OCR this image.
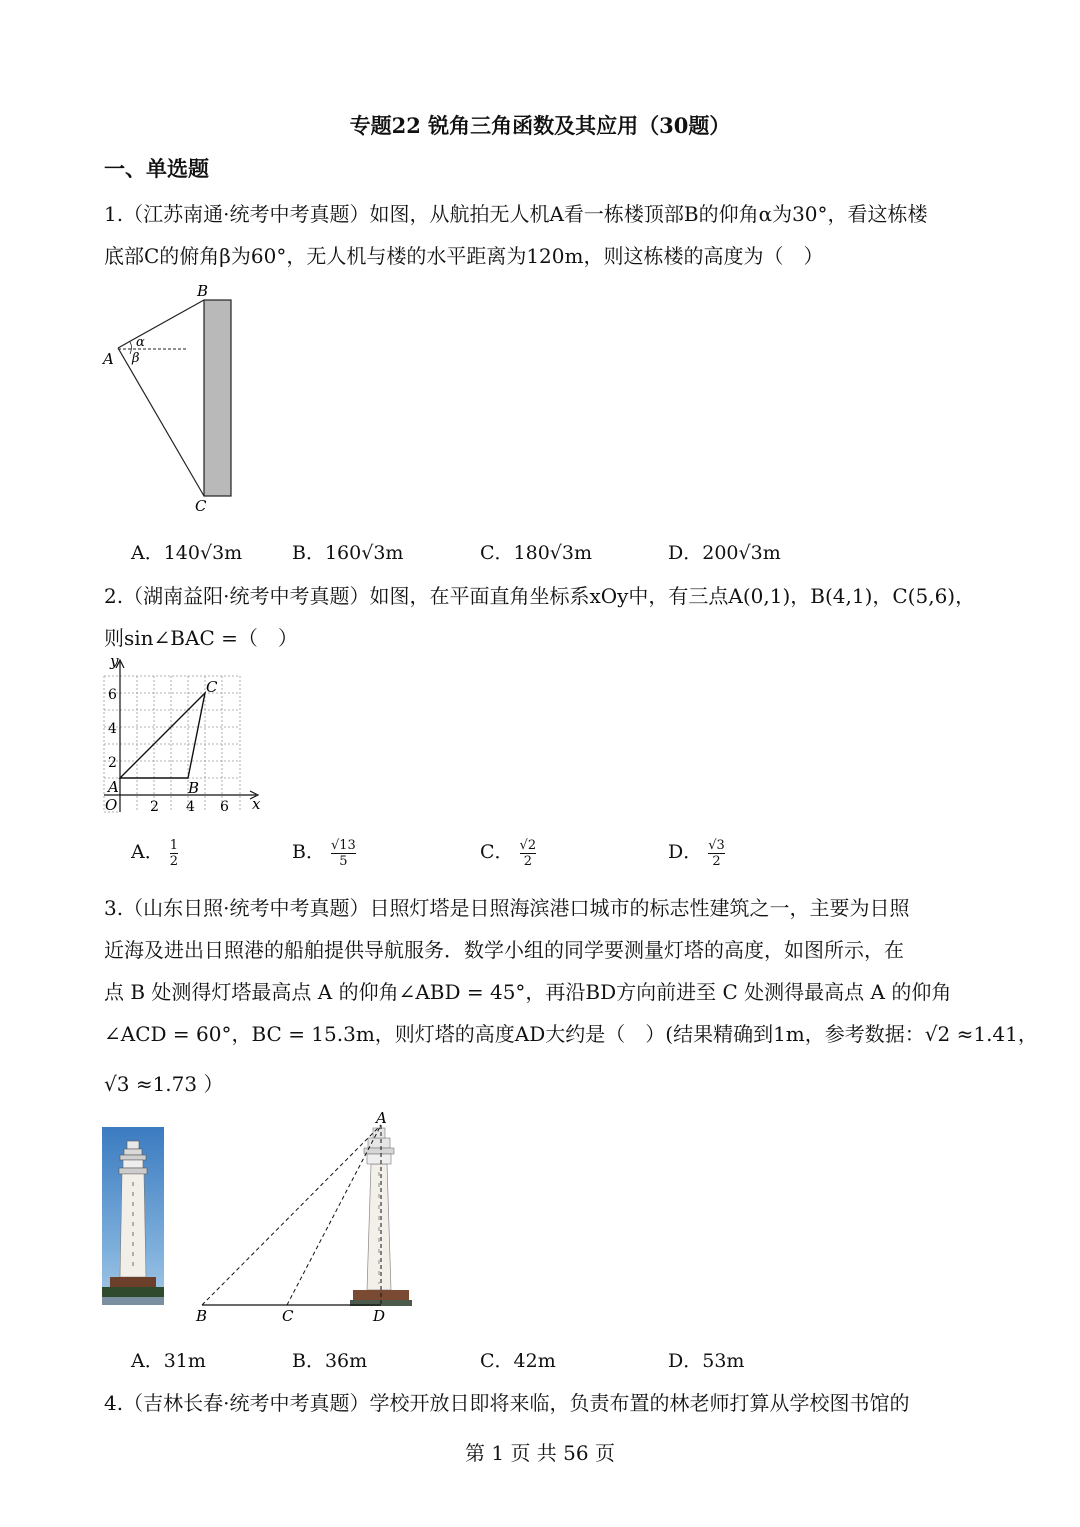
专题22 锐角三角函数及其应用（30题）
一、单选题
1.（江苏南通·统考中考真题）如图，从航拍无人机A看一栋楼顶部B的仰角α为30°，看这栋楼
底部C的俯角β为60°，无人机与楼的水平距离为120m，则这栋楼的高度为（　）
A
B
C
α
β
A．140√3m	B．160√3m	C．180√3m	D．200√3m
2.（湖南益阳·统考中考真题）如图，在平面直角坐标系xOy中，有三点A(0,1)，B(4,1)，C(5,6)，
则sin∠BAC =（　）
y
x
O
A	B
C
6
4
2
2 4 6
A． $\frac{1}{2}$	B． $\frac{√13}{5}$	C． $\frac{√2}{2}$	D． $\frac{√3}{2}$
3.（山东日照·统考中考真题）日照灯塔是日照海滨港口城市的标志性建筑之一，主要为日照
近海及进出日照港的船舶提供导航服务．数学小组的同学要测量灯塔的高度，如图所示，在
点 B 处测得灯塔最高点 A 的仰角∠ABD = 45°，再沿BD方向前进至 C 处测得最高点 A 的仰角
∠ACD = 60°，BC = 15.3m，则灯塔的高度AD大约是（　）(结果精确到1m，参考数据：√2 ≈1.41，
√3 ≈1.73 ）
A
B	C	D
A．31m	B．36m	C．42m	D．53m
4.（吉林长春·统考中考真题）学校开放日即将来临，负责布置的林老师打算从学校图书馆的
第 1 页 共 56 页
